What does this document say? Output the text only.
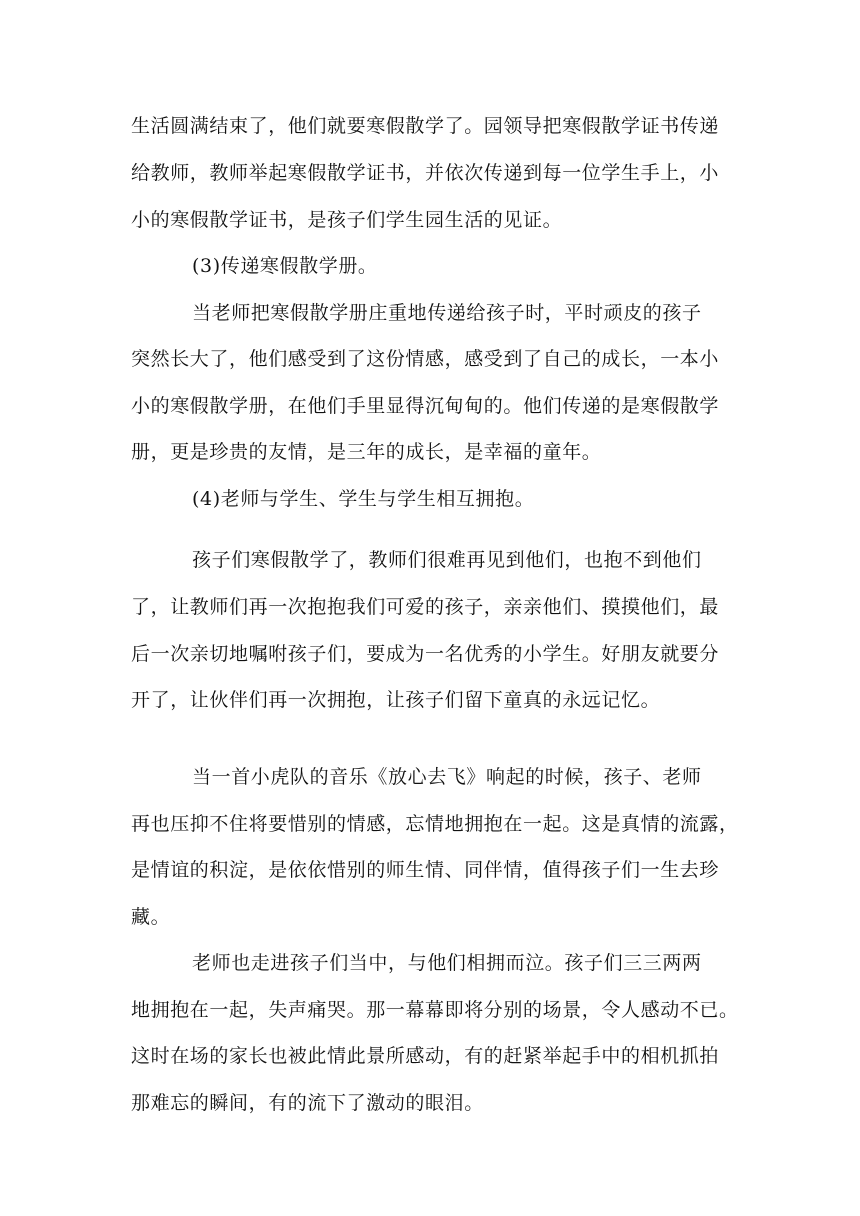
生活圆满结束了，他们就要寒假散学了。园领导把寒假散学证书传递

给教师，教师举起寒假散学证书，并依次传递到每一位学生手上，小

小的寒假散学证书，是孩子们学生园生活的见证。

(3)传递寒假散学册。

当老师把寒假散学册庄重地传递给孩子时，平时顽皮的孩子

突然长大了，他们感受到了这份情感，感受到了自己的成长，一本小

小的寒假散学册，在他们手里显得沉甸甸的。他们传递的是寒假散学

册，更是珍贵的友情，是三年的成长，是幸福的童年。

(4)老师与学生、学生与学生相互拥抱。

孩子们寒假散学了，教师们很难再见到他们，也抱不到他们

了，让教师们再一次抱抱我们可爱的孩子，亲亲他们、摸摸他们，最

后一次亲切地嘱咐孩子们，要成为一名优秀的小学生。好朋友就要分

开了，让伙伴们再一次拥抱，让孩子们留下童真的永远记忆。

当一首小虎队的音乐《放心去飞》响起的时候，孩子、老师

再也压抑不住将要惜别的情感，忘情地拥抱在一起。这是真情的流露，

是情谊的积淀，是依依惜别的师生情、同伴情，值得孩子们一生去珍

藏。

老师也走进孩子们当中，与他们相拥而泣。孩子们三三两两

地拥抱在一起，失声痛哭。那一幕幕即将分别的场景，令人感动不已。

这时在场的家长也被此情此景所感动，有的赶紧举起手中的相机抓拍

那难忘的瞬间，有的流下了激动的眼泪。
